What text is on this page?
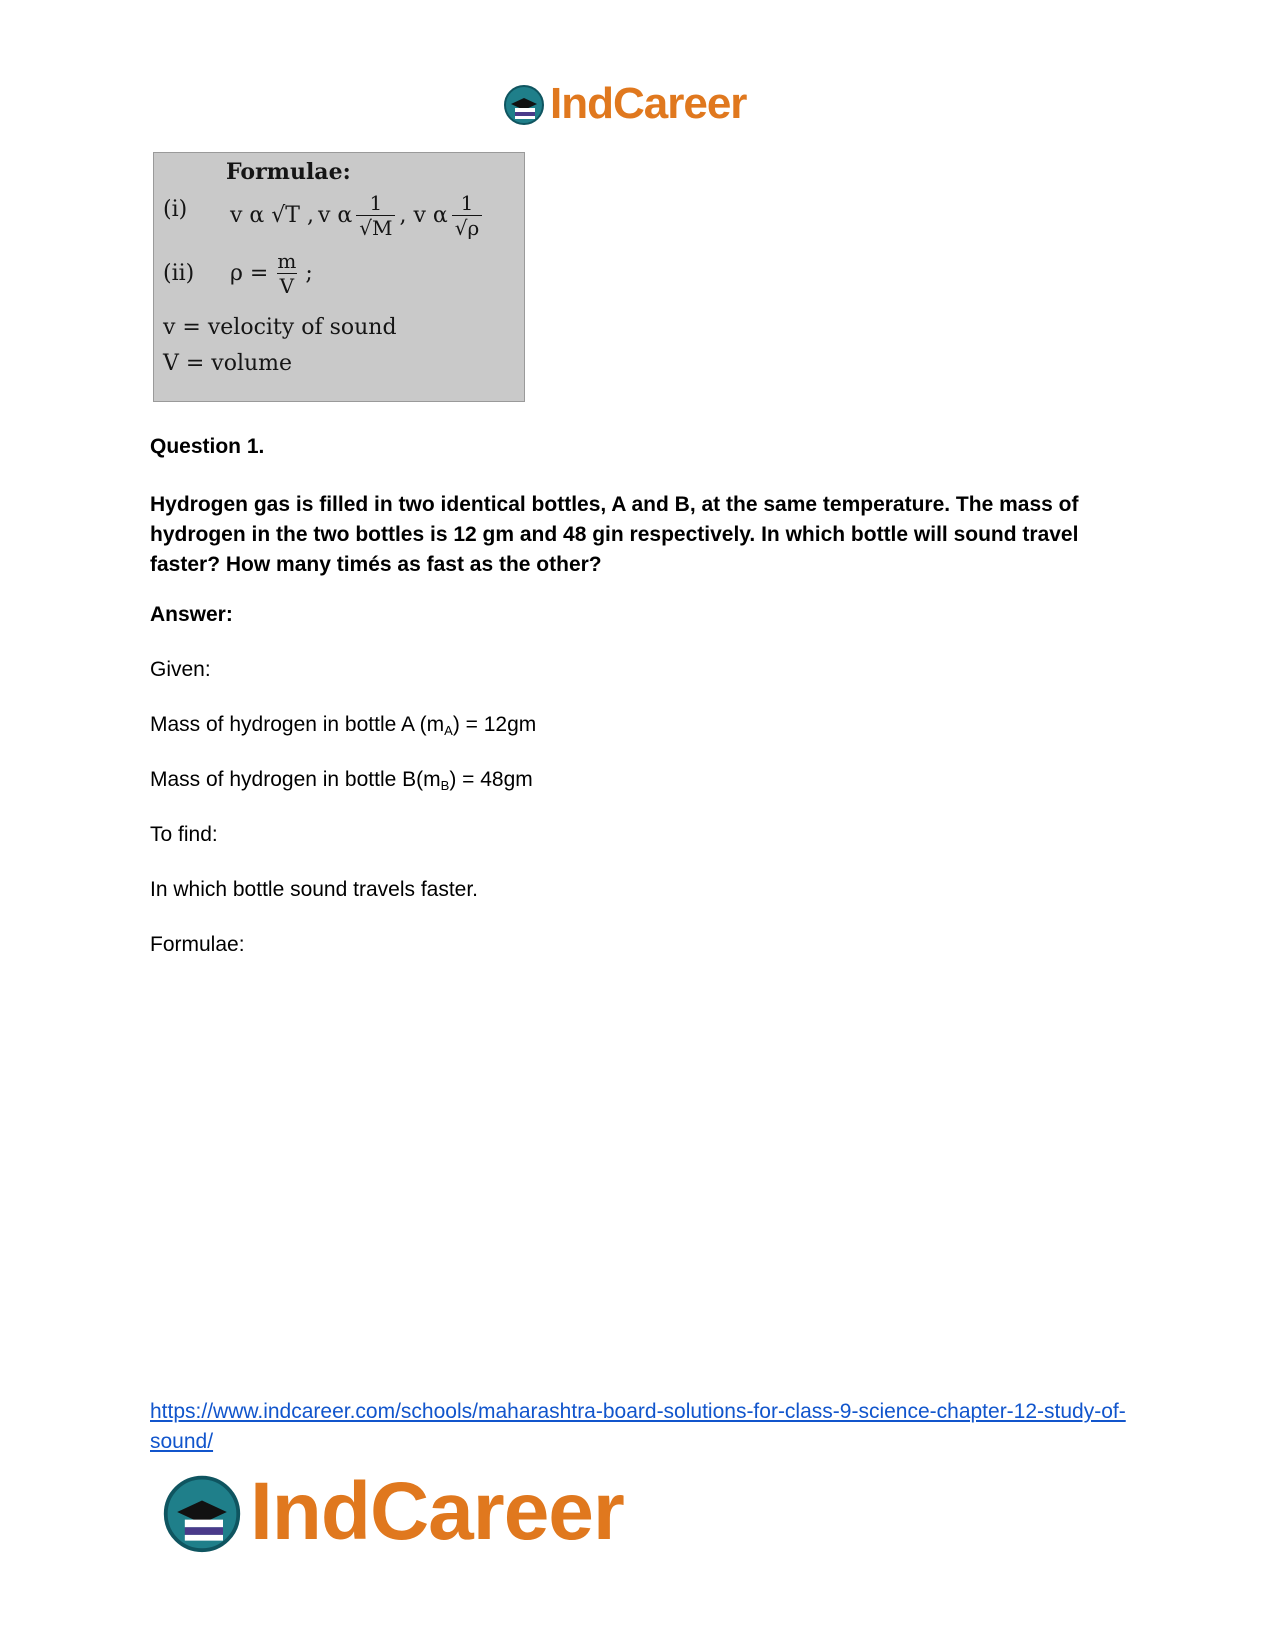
IndCareer

Formulae:
(i) v α √T , v α $\frac{1}{√M}$ , v α $\frac{1}{√\rho}$
(ii) $\rho = \frac{m}{V}$ ;
v = velocity of sound
V = volume
Question 1.
Hydrogen gas is filled in two identical bottles, A and B, at the same temperature. The mass of hydrogen in the two bottles is 12 gm and 48 gin respectively. In which bottle will sound travel faster? How many timés as fast as the other?
Answer:
Given:
Mass of hydrogen in bottle A $(m_A) = 12gm$
Mass of hydrogen in bottle $B(m_B) = 48gm$
To find:
In which bottle sound travels faster.
Formulae:
https://www.indcareer.com/schools/maharashtra-board-solutions-for-class-9-science-chapter-12-study-of-sound/
IndCareer
